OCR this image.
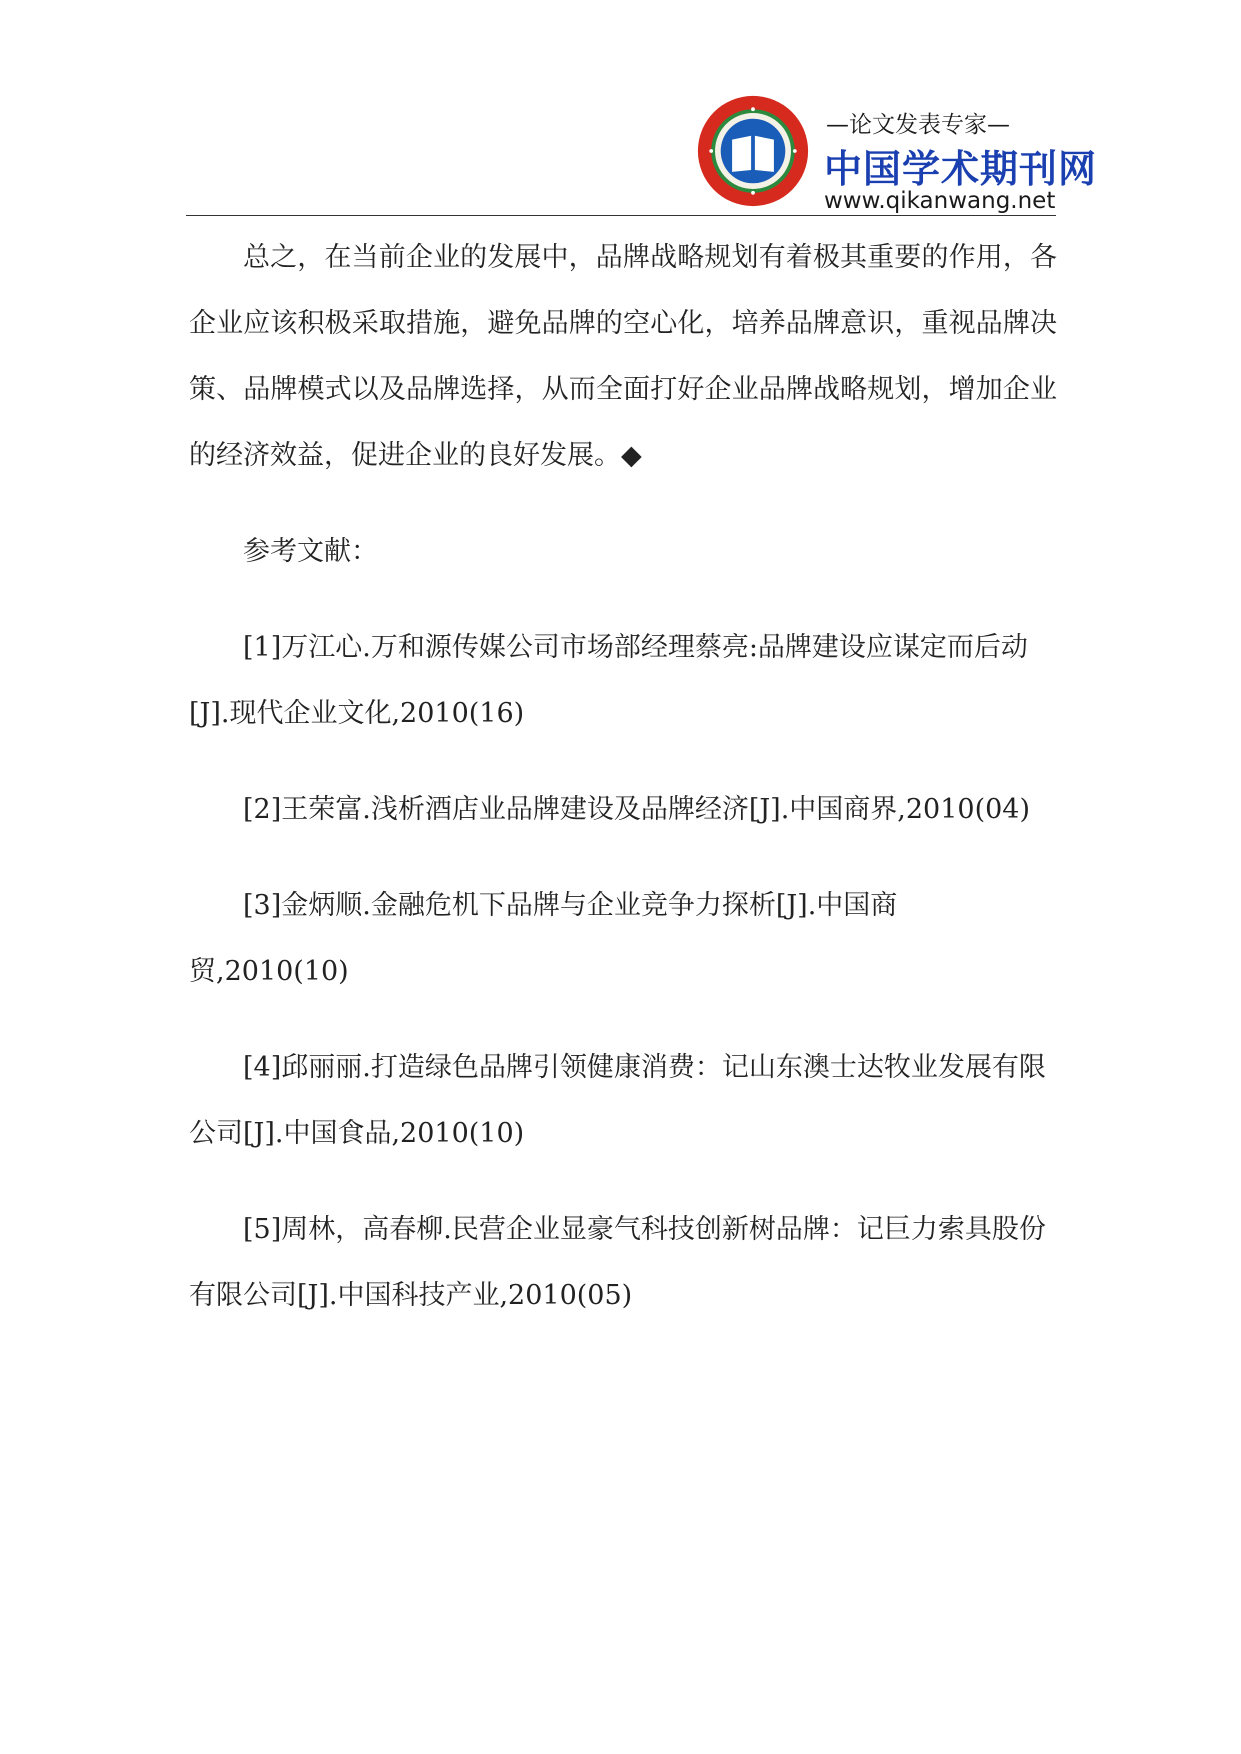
—论文发表专家—
中国学术期刊网
www.qikanwang.net

总之，在当前企业的发展中，品牌战略规划有着极其重要的作用，各企业应该积极采取措施，避免品牌的空心化，培养品牌意识，重视品牌决策、品牌模式以及品牌选择，从而全面打好企业品牌战略规划，增加企业的经济效益，促进企业的良好发展。◆

参考文献：

[1]万江心.万和源传媒公司市场部经理蔡亮:品牌建设应谋定而后动[J].现代企业文化,2010(16)

[2]王荣富.浅析酒店业品牌建设及品牌经济[J].中国商界,2010(04)

[3]金炳顺.金融危机下品牌与企业竞争力探析[J].中国商贸,2010(10)

[4]邱丽丽.打造绿色品牌引领健康消费：记山东澳士达牧业发展有限公司[J].中国食品,2010(10)

[5]周林，高春柳.民营企业显豪气科技创新树品牌：记巨力索具股份有限公司[J].中国科技产业,2010(05)
